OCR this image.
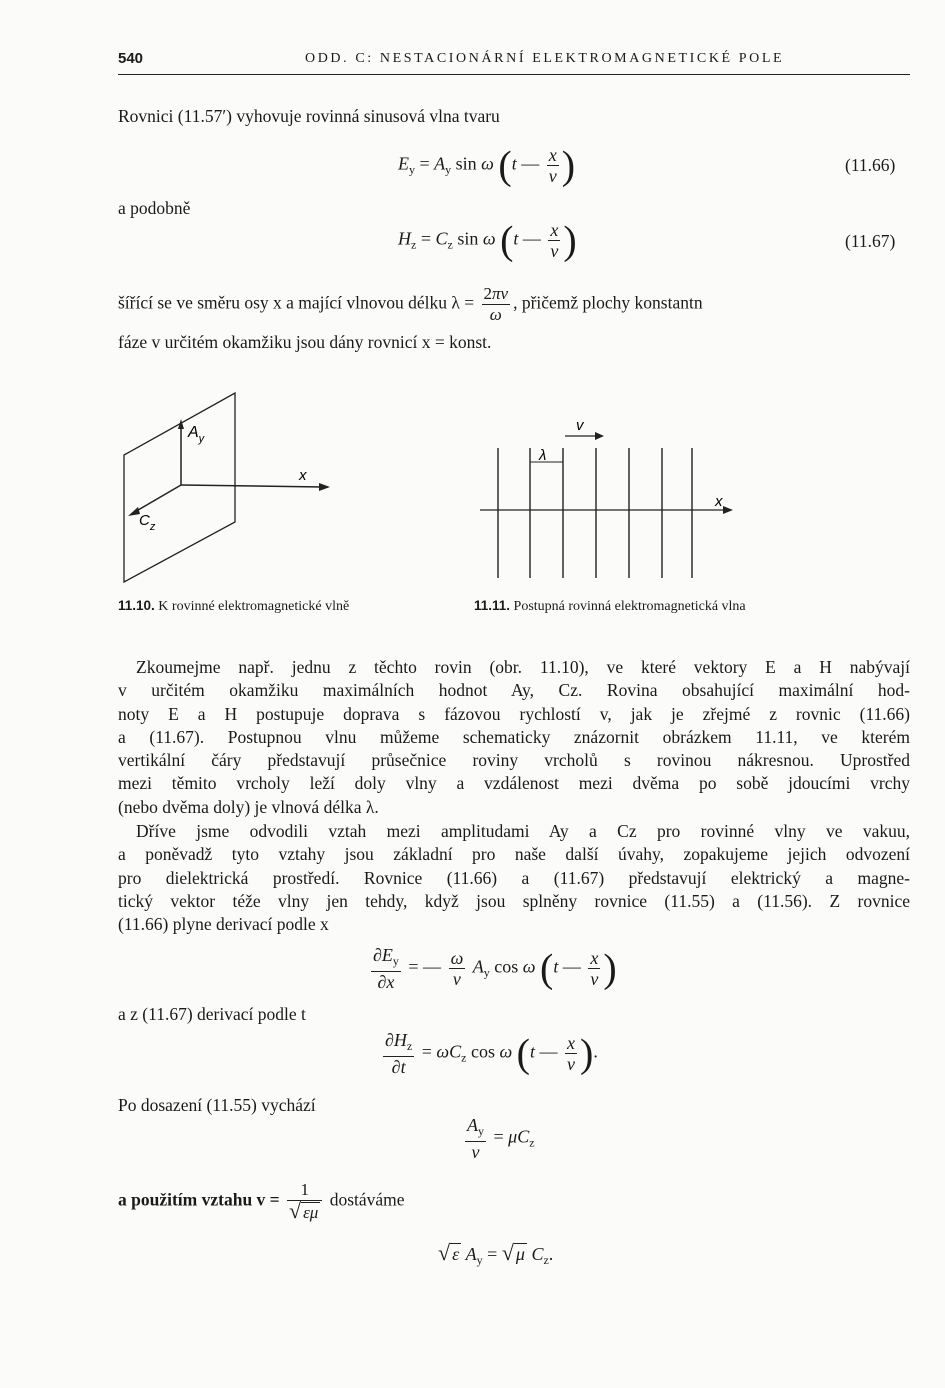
540	ODD. C: NESTACIONÁRNÍ ELEKTROMAGNETICKÉ POLE
Rovnici (11.57′) vyhovuje rovinná sinusová vlna tvaru
$E_y = A_y$ sin ω (t — $\frac{x}{v}$ )	(11.66)
a podobně
$H_z = C_z$ sin ω (t — $\frac{x}{v}$ )	(11.67)
šířící se ve směru osy x a mající vlnovou délku $\lambda = \frac{2\pi v}{\omega}$ , přičemž plochy konstantn
fáze v určitém okamžiku jsou dány rovnicí x = konst.
$A_y$
x
$C_z$
v
x
λ
11.10. K rovinné elektromagnetické vlně	11.11. Postupná rovinná elektromagnetická vlna
Zkoumejme např. jednu z těchto rovin (obr. 11.10), ve které vektory E a H nabývají
v určitém okamžiku maximálních hodnot Ay, Cz. Rovina obsahující maximální hod-
noty E a H postupuje doprava s fázovou rychlostí v, jak je zřejmé z rovnic (11.66)
a (11.67). Postupnou vlnu můžeme schematicky znázornit obrázkem 11.11, ve kterém
vertikální čáry představují průsečnice roviny vrcholů s rovinou nákresnou. Uprostřed
mezi těmito vrcholy leží doly vlny a vzdálenost mezi dvěma po sobě jdoucími vrchy
(nebo dvěma doly) je vlnová délka λ.
Dříve jsme odvodili vztah mezi amplitudami Ay a Cz pro rovinné vlny ve vakuu,
a poněvadž tyto vztahy jsou základní pro naše další úvahy, zopakujeme jejich odvození
pro dielektrická prostředí. Rovnice (11.66) a (11.67) představují elektrický a magne-
tický vektor téže vlny jen tehdy, když jsou splněny rovnice (11.55) a (11.56). Z rovnice
(11.66) plyne derivací podle x
$\frac{\partial E_y}{\partial x}$ = — $\frac{\omega}{v} A_y$ cos ω (t — $\frac{x}{v}$ )
a z (11.67) derivací podle t
$\frac{\partial H_z}{\partial t} = \omega C_z$ cos ω (t — $\frac{x}{v}$ ).
Po dosazení (11.55) vychází
$\frac{A_y}{v} = \mu C_z$
a použitím vztahu $v = \frac{1}{√ \varepsilon\mu}$ dostáváme
√ ε $A_y$ = √ μ $C_z$.
